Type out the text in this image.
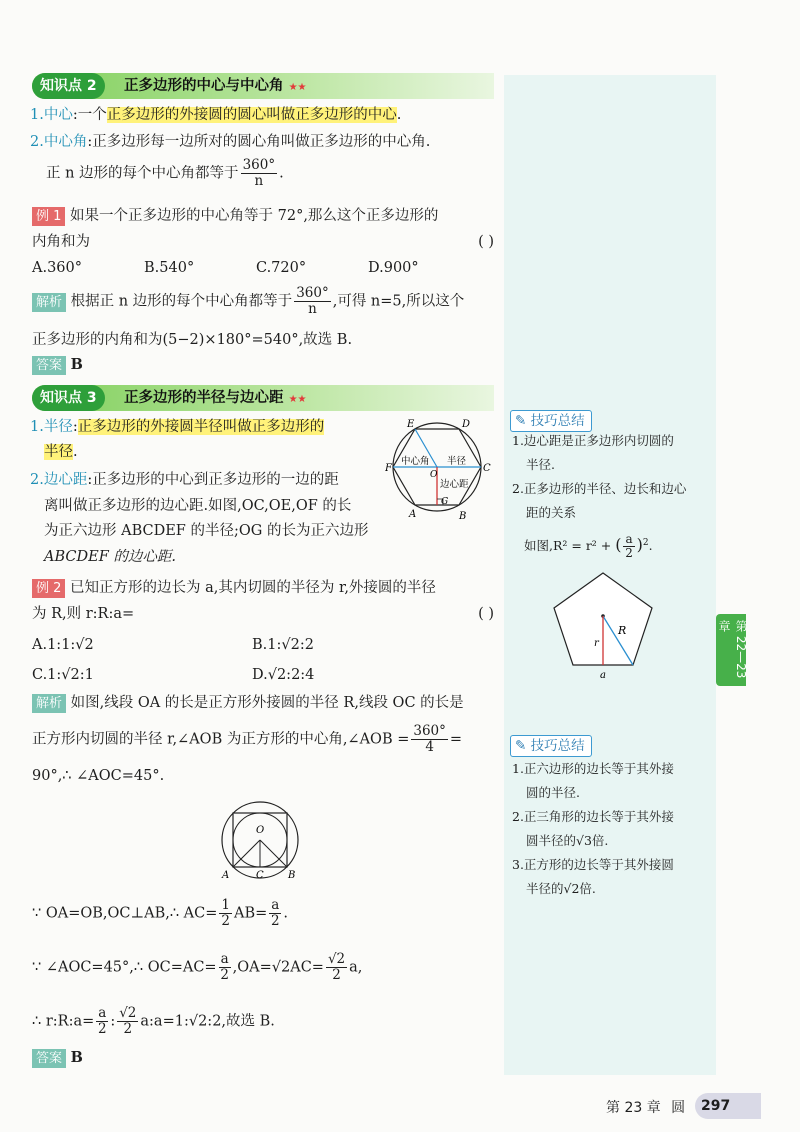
知识点 2	正多边形的中心与中心角 ★★
1.中心:一个正多边形的外接圆的圆心叫做正多边形的中心.
2.中心角:正多边形每一边所对的圆心角叫做正多边形的中心角.
正 n 边形的每个中心角都等于 $\frac{360^\circ}{n}$ .
例 1 如果一个正多边形的中心角等于 72°,那么这个正多边形的
内角和为	( )
A.360°	B.540°	C.720°	D.900°
解析 根据正 n 边形的每个中心角都等于 $\frac{360^\circ}{n}$ ,可得 n=5,所以这个
正多边形的内角和为(5−2)×180°=540°,故选 B.
答案 B
知识点 3	正多边形的半径与边心距 ★★
1.半径:正多边形的外接圆半径叫做正多边形的
半径.
2.边心距:正多边形的中心到正多边形的一边的距
离叫做正多边形的边心距.如图,OC,OE,OF 的长
为正六边形 ABCDEF 的半径;OG 的长为正六边形
ABCDEF 的边心距.
E	D
F	C
A	B
O
G
中心角 半径
边心距
例 2 已知正方形的边长为 a,其内切圆的半径为 r,外接圆的半径
为 R,则 r:R:a=	( )
A.1:1:√2	B.1:√2:2
C.1:√2:1	D.√2:2:4
解析 如图,线段 OA 的长是正方形外接圆的半径 R,线段 OC 的长是
正方形内切圆的半径 r,∠AOB 为正方形的中心角,∠AOB = $\frac{360^\circ}{4}$ =
90°,∴ ∠AOC=45°.
O
A	C B
∵ OA=OB,OC⊥AB,∴ $AC= \frac{1}{2} AB= \frac{a}{2}$ .
∵ ∠AOC=45°,∴ $OC=AC= \frac{a}{2} ,OA=√2AC= \frac{√2}{2} a$,
∴ r:R:a= $\frac{a}{2}$ : $\frac{√2}{2}$ a:a=1:√2:2,故选 B.
答案 B
✎ 技巧总结
1.边心距是正多边形内切圆的
半径.
2.正多边形的半径、边长和边心
距的关系
如图,R² = r² + ( $\frac{a}{2} )^2$.
R
r
a
✎ 技巧总结
1.正六边形的边长等于其外接
圆的半径.
2.正三角形的边长等于其外接
圆半径的√3倍.
3.正方形的边长等于其外接圆
半径的√2倍.
第 22—23 章
第 23 章 圆	297
